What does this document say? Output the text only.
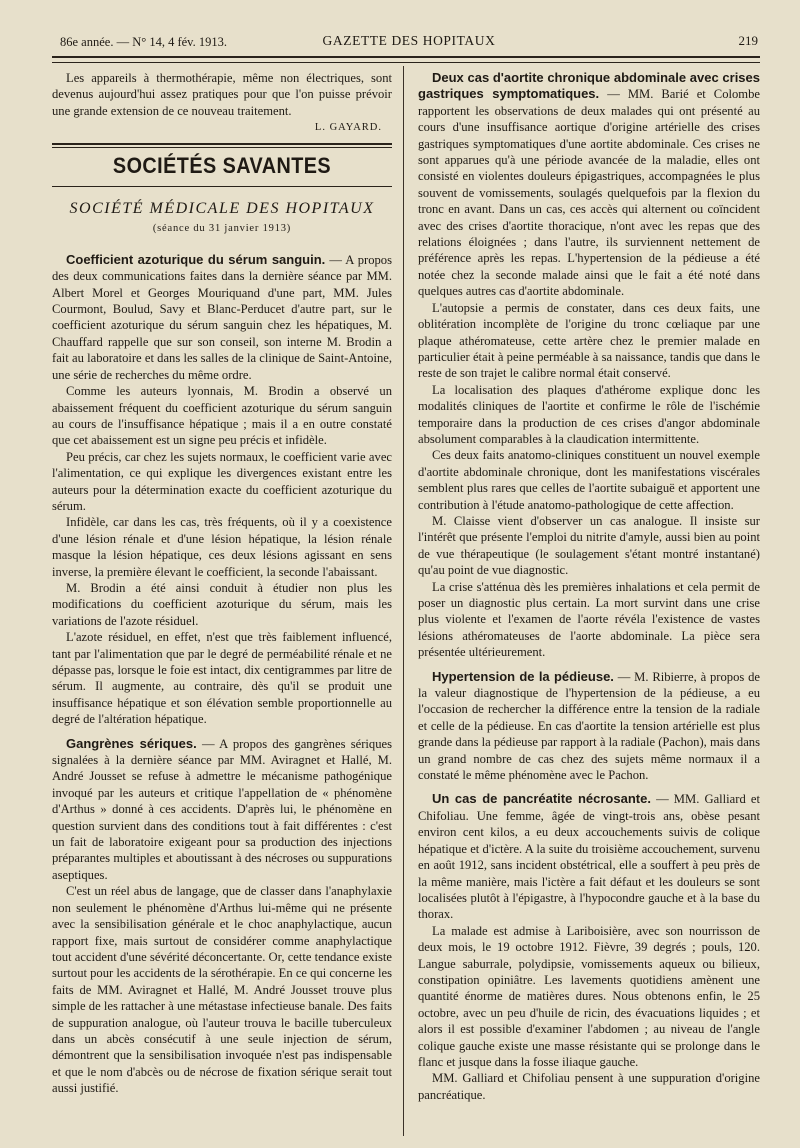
86e année. — N° 14, 4 fév. 1913.	GAZETTE DES HOPITAUX	219

Les appareils à thermothérapie, même non électriques, sont devenus aujourd'hui assez pratiques pour que l'on puisse prévoir une grande extension de ce nouveau traitement.

L. GAYARD.
SOCIÉTÉS SAVANTES
SOCIÉTÉ MÉDICALE DES HOPITAUX
(séance du 31 janvier 1913)

Coefficient azoturique du sérum sanguin. — A propos des deux communications faites dans la dernière séance par MM. Albert Morel et Georges Mouriquand d'une part, MM. Jules Courmont, Boulud, Savy et Blanc-Perducet d'autre part, sur le coefficient azoturique du sérum sanguin chez les hépatiques, M. Chauffard rappelle que sur son conseil, son interne M. Brodin a fait au laboratoire et dans les salles de la clinique de Saint-Antoine, une série de recherches du même ordre.

Comme les auteurs lyonnais, M. Brodin a observé un abaissement fréquent du coefficient azoturique du sérum sanguin au cours de l'insuffisance hépatique ; mais il a en outre constaté que cet abaissement est un signe peu précis et infidèle.

Peu précis, car chez les sujets normaux, le coefficient varie avec l'alimentation, ce qui explique les divergences existant entre les auteurs pour la détermination exacte du coefficient azoturique du sérum.

Infidèle, car dans les cas, très fréquents, où il y a coexistence d'une lésion rénale et d'une lésion hépatique, la lésion rénale masque la lésion hépatique, ces deux lésions agissant en sens inverse, la première élevant le coefficient, la seconde l'abaissant.

M. Brodin a été ainsi conduit à étudier non plus les modifications du coefficient azoturique du sérum, mais les variations de l'azote résiduel.

L'azote résiduel, en effet, n'est que très faiblement influencé, tant par l'alimentation que par le degré de perméabilité rénale et ne dépasse pas, lorsque le foie est intact, dix centigrammes par litre de sérum. Il augmente, au contraire, dès qu'il se produit une insuffisance hépatique et son élévation semble proportionnelle au degré de l'altération hépatique.

Gangrènes sériques. — A propos des gangrènes sériques signalées à la dernière séance par MM. Aviragnet et Hallé, M. André Jousset se refuse à admettre le mécanisme pathogénique invoqué par les auteurs et critique l'appellation de « phénomène d'Arthus » donné à ces accidents. D'après lui, le phénomène en question survient dans des conditions tout à fait différentes : c'est un fait de laboratoire exigeant pour sa production des injections préparantes multiples et aboutissant à des nécroses ou suppurations aseptiques.

C'est un réel abus de langage, que de classer dans l'anaphylaxie non seulement le phénomène d'Arthus lui-même qui ne présente avec la sensibilisation générale et le choc anaphylactique, aucun rapport fixe, mais surtout de considérer comme anaphylactique tout accident d'une sévérité déconcertante. Or, cette tendance existe surtout pour les accidents de la sérothérapie. En ce qui concerne les faits de MM. Aviragnet et Hallé, M. André Jousset trouve plus simple de les rattacher à une métastase infectieuse banale. Des faits de suppuration analogue, où l'auteur trouva le bacille tuberculeux dans un abcès consécutif à une seule injection de sérum, démontrent que la sensibilisation invoquée n'est pas indispensable et que le nom d'abcès ou de nécrose de fixation sérique serait tout aussi justifié.

Deux cas d'aortite chronique abdominale avec crises gastriques symptomatiques. — MM. Barié et Colombe rapportent les observations de deux malades qui ont présenté au cours d'une insuffisance aortique d'origine artérielle des crises gastriques symptomatiques d'une aortite abdominale. Ces crises ne sont apparues qu'à une période avancée de la maladie, elles ont consisté en violentes douleurs épigastriques, accompagnées le plus souvent de vomissements, soulagés quelquefois par la flexion du tronc en avant. Dans un cas, ces accès qui alternent ou coïncident avec des crises d'aortite thoracique, n'ont avec les repas que des relations éloignées ; dans l'autre, ils surviennent nettement de préférence après les repas. L'hypertension de la pédieuse a été notée chez la seconde malade ainsi que le fait a été noté dans quelques autres cas d'aortite abdominale.

L'autopsie a permis de constater, dans ces deux faits, une oblitération incomplète de l'origine du tronc cœliaque par une plaque athéromateuse, cette artère chez le premier malade en particulier était à peine perméable à sa naissance, tandis que dans le reste de son trajet le calibre normal était conservé.

La localisation des plaques d'athérome explique donc les modalités cliniques de l'aortite et confirme le rôle de l'ischémie temporaire dans la production de ces crises d'angor abdominale absolument comparables à la claudication intermittente.

Ces deux faits anatomo-cliniques constituent un nouvel exemple d'aortite abdominale chronique, dont les manifestations viscérales semblent plus rares que celles de l'aortite subaiguë et apportent une contribution à l'étude anatomo-pathologique de cette affection.

M. Claisse vient d'observer un cas analogue. Il insiste sur l'intérêt que présente l'emploi du nitrite d'amyle, aussi bien au point de vue thérapeutique (le soulagement s'étant montré instantané) qu'au point de vue diagnostic.

La crise s'atténua dès les premières inhalations et cela permit de poser un diagnostic plus certain. La mort survint dans une crise plus violente et l'examen de l'aorte révéla l'existence de vastes lésions athéromateuses de l'aorte abdominale. La pièce sera présentée ultérieurement.

Hypertension de la pédieuse. — M. Ribierre, à propos de la valeur diagnostique de l'hypertension de la pédieuse, a eu l'occasion de rechercher la différence entre la tension de la radiale et celle de la pédieuse. En cas d'aortite la tension artérielle est plus grande dans la pédieuse par rapport à la radiale (Pachon), mais dans un grand nombre de cas chez des sujets même normaux il a constaté le même phénomène avec le Pachon.

Un cas de pancréatite nécrosante. — MM. Galliard et Chifoliau. Une femme, âgée de vingt-trois ans, obèse pesant environ cent kilos, a eu deux accouchements suivis de colique hépatique et d'ictère. A la suite du troisième accouchement, survenu en août 1912, sans incident obstétrical, elle a souffert à peu près de la même manière, mais l'ictère a fait défaut et les douleurs se sont localisées plutôt à l'épigastre, à l'hypocondre gauche et à la base du thorax.

La malade est admise à Lariboisière, avec son nourrisson de deux mois, le 19 octobre 1912. Fièvre, 39 degrés ; pouls, 120. Langue saburrale, polydipsie, vomissements aqueux ou bilieux, constipation opiniâtre. Les lavements quotidiens amènent une quantité énorme de matières dures. Nous obtenons enfin, le 25 octobre, avec un peu d'huile de ricin, des évacuations liquides ; et alors il est possible d'examiner l'abdomen ; au niveau de l'angle colique gauche existe une masse résistante qui se prolonge dans le flanc et jusque dans la fosse iliaque gauche.

MM. Galliard et Chifoliau pensent à une suppuration d'origine pancréatique.
